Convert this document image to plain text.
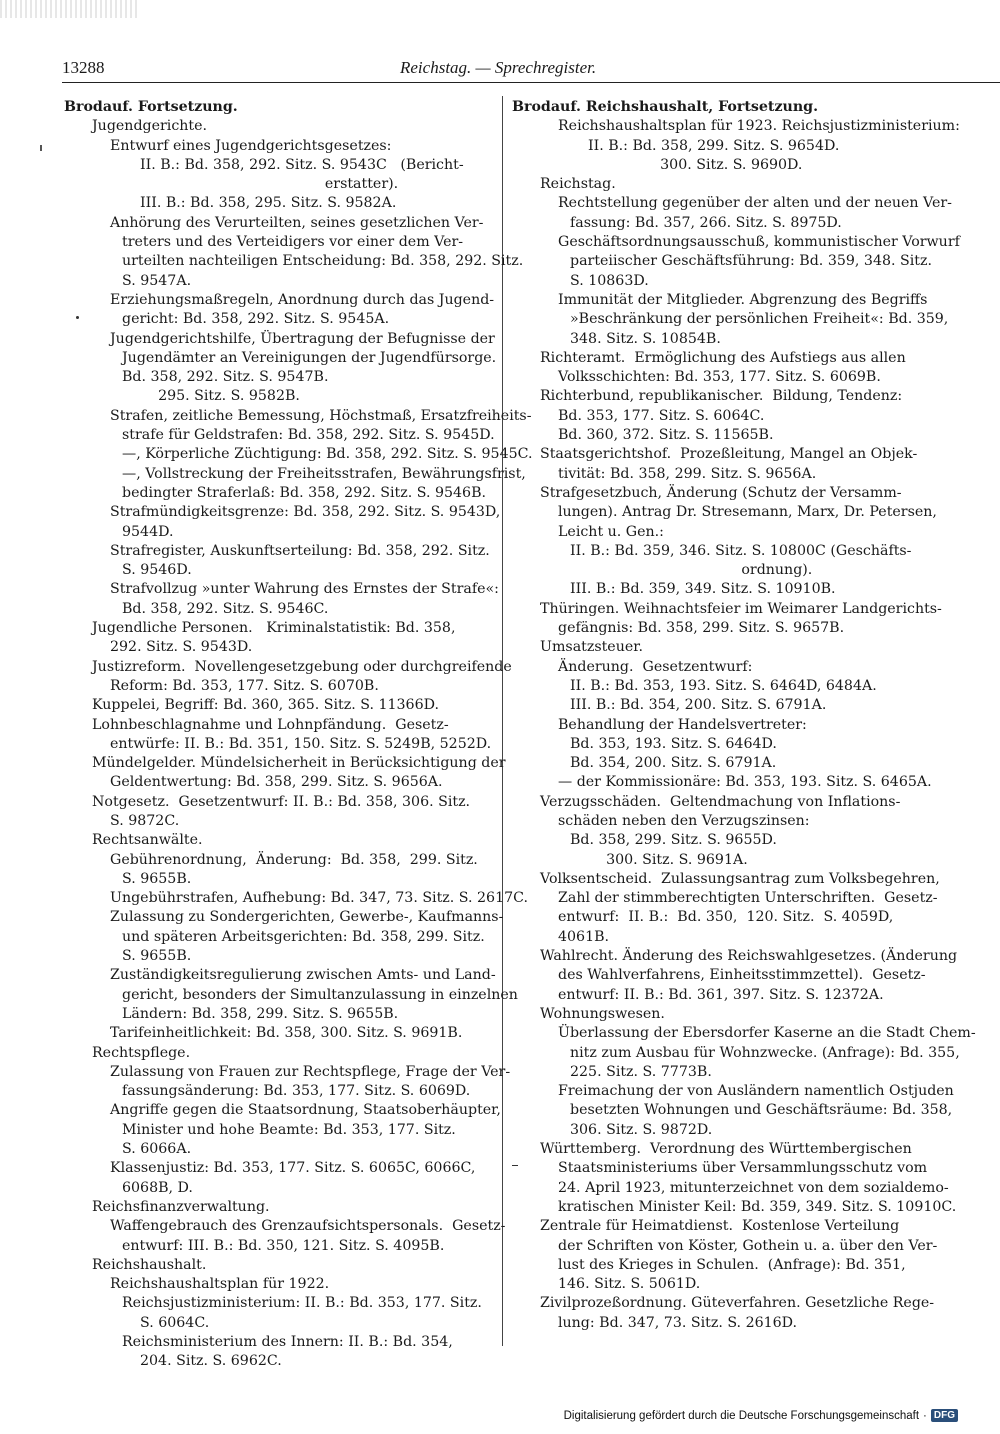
13288	Reichstag. — Sprechregister.
Brodauf. Fortsetzung.
Jugendgerichte.
Entwurf eines Jugendgerichtsgesetzes:
II. B.: Bd. 358, 292. Sitz. S. 9543C   (Bericht-
erstatter).
III. B.: Bd. 358, 295. Sitz. S. 9582A.
Anhörung des Verurteilten, seines gesetzlichen Ver-
treters und des Verteidigers vor einer dem Ver-
urteilten nachteiligen Entscheidung: Bd. 358, 292. Sitz.
S. 9547A.
Erziehungsmaßregeln, Anordnung durch das Jugend-
gericht: Bd. 358, 292. Sitz. S. 9545A.
Jugendgerichtshilfe, Übertragung der Befugnisse der
Jugendämter an Vereinigungen der Jugendfürsorge.
Bd. 358, 292. Sitz. S. 9547B.
295. Sitz. S. 9582B.
Strafen, zeitliche Bemessung, Höchstmaß, Ersatzfreiheits-
strafe für Geldstrafen: Bd. 358, 292. Sitz. S. 9545D.
—, Körperliche Züchtigung: Bd. 358, 292. Sitz. S. 9545C.
—, Vollstreckung der Freiheitsstrafen, Bewährungsfrist,
bedingter Straferlaß: Bd. 358, 292. Sitz. S. 9546B.
Strafmündigkeitsgrenze: Bd. 358, 292. Sitz. S. 9543D,
9544D.
Strafregister, Auskunftserteilung: Bd. 358, 292. Sitz.
S. 9546D.
Strafvollzug »unter Wahrung des Ernstes der Strafe«:
Bd. 358, 292. Sitz. S. 9546C.
Jugendliche Personen.   Kriminalstatistik: Bd. 358,
292. Sitz. S. 9543D.
Justizreform.  Novellengesetzgebung oder durchgreifende
Reform: Bd. 353, 177. Sitz. S. 6070B.
Kuppelei, Begriff: Bd. 360, 365. Sitz. S. 11366D.
Lohnbeschlagnahme und Lohnpfändung.  Gesetz-
entwürfe: II. B.: Bd. 351, 150. Sitz. S. 5249B, 5252D.
Mündelgelder. Mündelsicherheit in Berücksichtigung der
Geldentwertung: Bd. 358, 299. Sitz. S. 9656A.
Notgesetz.  Gesetzentwurf: II. B.: Bd. 358, 306. Sitz.
S. 9872C.
Rechtsanwälte.
Gebührenordnung,  Änderung:  Bd. 358,  299. Sitz.
S. 9655B.
Ungebührstrafen, Aufhebung: Bd. 347, 73. Sitz. S. 2617C.
Zulassung zu Sondergerichten, Gewerbe-, Kaufmanns-
und späteren Arbeitsgerichten: Bd. 358, 299. Sitz.
S. 9655B.
Zuständigkeitsregulierung zwischen Amts- und Land-
gericht, besonders der Simultanzulassung in einzelnen
Ländern: Bd. 358, 299. Sitz. S. 9655B.
Tarifeinheitlichkeit: Bd. 358, 300. Sitz. S. 9691B.
Rechtspflege.
Zulassung von Frauen zur Rechtspflege, Frage der Ver-
fassungsänderung: Bd. 353, 177. Sitz. S. 6069D.
Angriffe gegen die Staatsordnung, Staatsoberhäupter,
Minister und hohe Beamte: Bd. 353, 177. Sitz.
S. 6066A.
Klassenjustiz: Bd. 353, 177. Sitz. S. 6065C, 6066C,
6068B, D.
Reichsfinanzverwaltung.
Waffengebrauch des Grenzaufsichtspersonals.  Gesetz-
entwurf: III. B.: Bd. 350, 121. Sitz. S. 4095B.
Reichshaushalt.
Reichshaushaltsplan für 1922.
Reichsjustizministerium: II. B.: Bd. 353, 177. Sitz.
S. 6064C.
Reichsministerium des Innern: II. B.: Bd. 354,
204. Sitz. S. 6962C.
Brodauf. Reichshaushalt, Fortsetzung.
Reichshaushaltsplan für 1923. Reichsjustizministerium:
II. B.: Bd. 358, 299. Sitz. S. 9654D.
300. Sitz. S. 9690D.
Reichstag.
Rechtstellung gegenüber der alten und der neuen Ver-
fassung: Bd. 357, 266. Sitz. S. 8975D.
Geschäftsordnungsausschuß, kommunistischer Vorwurf
parteiischer Geschäftsführung: Bd. 359, 348. Sitz.
S. 10863D.
Immunität der Mitglieder. Abgrenzung des Begriffs
»Beschränkung der persönlichen Freiheit«: Bd. 359,
348. Sitz. S. 10854B.
Richteramt.  Ermöglichung des Aufstiegs aus allen
Volksschichten: Bd. 353, 177. Sitz. S. 6069B.
Richterbund, republikanischer.  Bildung, Tendenz:
Bd. 353, 177. Sitz. S. 6064C.
Bd. 360, 372. Sitz. S. 11565B.
Staatsgerichtshof.  Prozeßleitung, Mangel an Objek-
tivität: Bd. 358, 299. Sitz. S. 9656A.
Strafgesetzbuch, Änderung (Schutz der Versamm-
lungen). Antrag Dr. Stresemann, Marx, Dr. Petersen,
Leicht u. Gen.:
II. B.: Bd. 359, 346. Sitz. S. 10800C (Geschäfts-
ordnung).
III. B.: Bd. 359, 349. Sitz. S. 10910B.
Thüringen. Weihnachtsfeier im Weimarer Landgerichts-
gefängnis: Bd. 358, 299. Sitz. S. 9657B.
Umsatzsteuer.
Änderung.  Gesetzentwurf:
II. B.: Bd. 353, 193. Sitz. S. 6464D, 6484A.
III. B.: Bd. 354, 200. Sitz. S. 6791A.
Behandlung der Handelsvertreter:
Bd. 353, 193. Sitz. S. 6464D.
Bd. 354, 200. Sitz. S. 6791A.
— der Kommissionäre: Bd. 353, 193. Sitz. S. 6465A.
Verzugsschäden.  Geltendmachung von Inflations-
schäden neben den Verzugszinsen:
Bd. 358, 299. Sitz. S. 9655D.
300. Sitz. S. 9691A.
Volksentscheid.  Zulassungsantrag zum Volksbegehren,
Zahl der stimmberechtigten Unterschriften.  Gesetz-
entwurf:  II. B.:  Bd. 350,  120. Sitz.  S. 4059D,
4061B.
Wahlrecht. Änderung des Reichswahlgesetzes. (Änderung
des Wahlverfahrens, Einheitsstimmzettel).  Gesetz-
entwurf: II. B.: Bd. 361, 397. Sitz. S. 12372A.
Wohnungswesen.
Überlassung der Ebersdorfer Kaserne an die Stadt Chem-
nitz zum Ausbau für Wohnzwecke. (Anfrage): Bd. 355,
225. Sitz. S. 7773B.
Freimachung der von Ausländern namentlich Ostjuden
besetzten Wohnungen und Geschäftsräume: Bd. 358,
306. Sitz. S. 9872D.
Württemberg.  Verordnung des Württembergischen
Staatsministeriums über Versammlungsschutz vom
24. April 1923, mitunterzeichnet von dem sozialdemo-
kratischen Minister Keil: Bd. 359, 349. Sitz. S. 10910C.
Zentrale für Heimatdienst.  Kostenlose Verteilung
der Schriften von Köster, Gothein u. a. über den Ver-
lust des Krieges in Schulen.  (Anfrage): Bd. 351,
146. Sitz. S. 5061D.
Zivilprozeßordnung. Güteverfahren. Gesetzliche Rege-
lung: Bd. 347, 73. Sitz. S. 2616D.
Digitalisierung gefördert durch die Deutsche Forschungsgemeinschaft · DFG
